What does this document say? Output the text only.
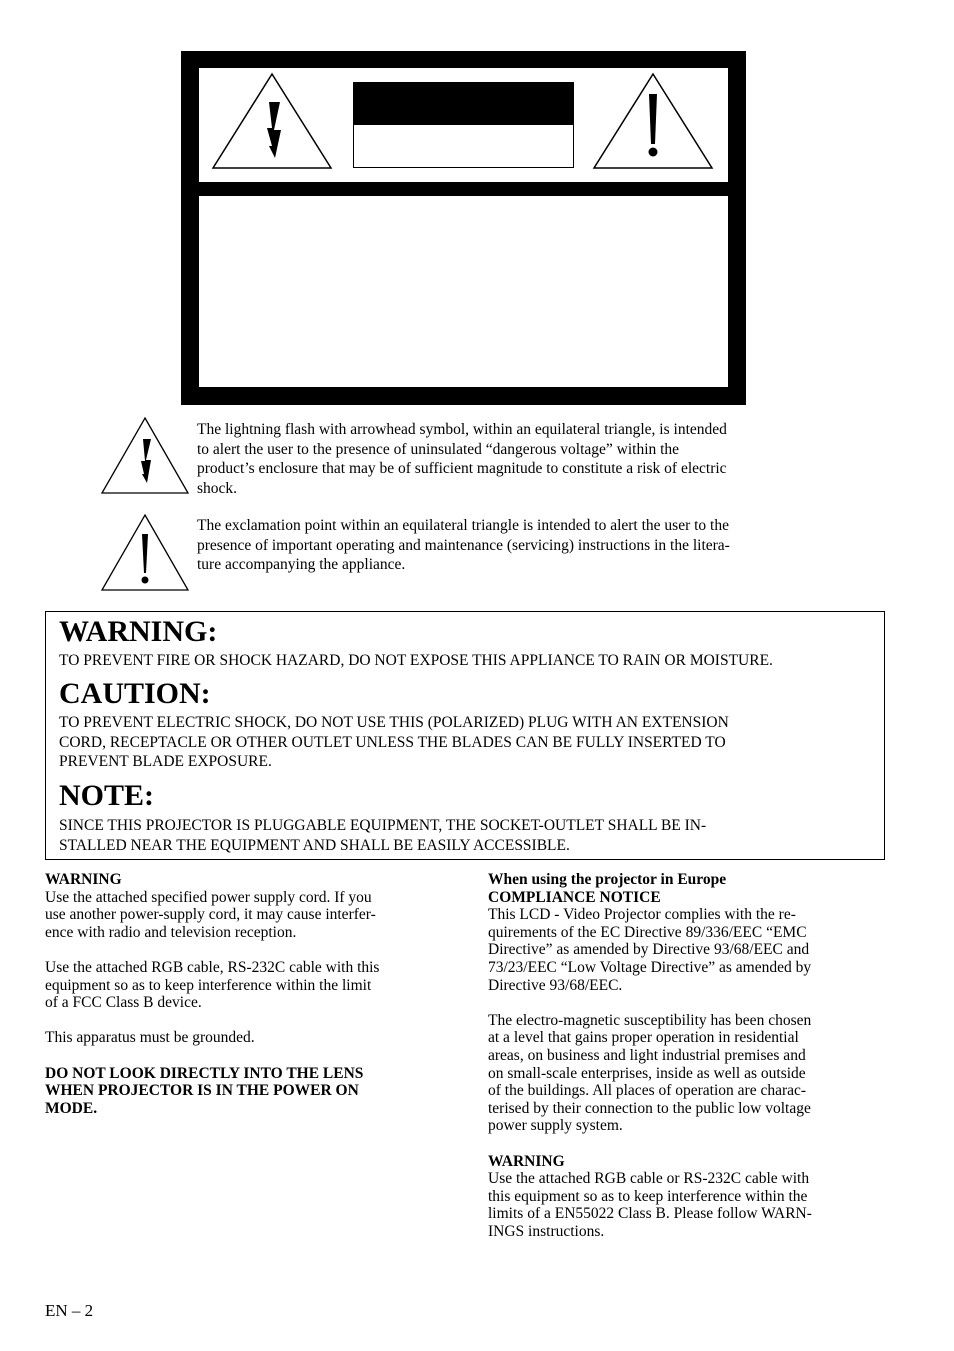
The lightning flash with arrowhead symbol, within an equilateral triangle, is intended
to alert the user to the presence of uninsulated “dangerous voltage” within the
product’s enclosure that may be of sufficient magnitude to constitute a risk of electric
shock.
The exclamation point within an equilateral triangle is intended to alert the user to the
presence of important operating and maintenance (servicing) instructions in the litera-
ture accompanying the appliance.
WARNING:
TO PREVENT FIRE OR SHOCK HAZARD, DO NOT EXPOSE THIS APPLIANCE TO RAIN OR MOISTURE.
CAUTION:
TO PREVENT ELECTRIC SHOCK, DO NOT USE THIS (POLARIZED) PLUG WITH AN EXTENSION
CORD, RECEPTACLE OR OTHER OUTLET UNLESS THE BLADES CAN BE FULLY INSERTED TO
PREVENT BLADE EXPOSURE.
NOTE:
SINCE THIS PROJECTOR IS PLUGGABLE EQUIPMENT, THE SOCKET-OUTLET SHALL BE IN-
STALLED NEAR THE EQUIPMENT AND SHALL BE EASILY ACCESSIBLE.
WARNING

Use the attached specified power supply cord. If you
use another power-supply cord, it may cause interfer-
ence with radio and television reception.

Use the attached RGB cable, RS-232C cable with this
equipment so as to keep interference within the limit
of a FCC Class B device.

This apparatus must be grounded.

DO NOT LOOK DIRECTLY INTO THE LENS
WHEN PROJECTOR IS IN THE POWER ON
MODE.

When using the projector in Europe
COMPLIANCE NOTICE

This LCD - Video Projector complies with the re-
quirements of the EC Directive 89/336/EEC “EMC
Directive” as amended by Directive 93/68/EEC and
73/23/EEC “Low Voltage Directive” as amended by
Directive 93/68/EEC.

The electro-magnetic susceptibility has been chosen
at a level that gains proper operation in residential
areas, on business and light industrial premises and
on small-scale enterprises, inside as well as outside
of the buildings. All places of operation are charac-
terised by their connection to the public low voltage
power supply system.

WARNING

Use the attached RGB cable or RS-232C cable with
this equipment so as to keep interference within the
limits of a EN55022 Class B. Please follow WARN-
INGS instructions.

EN – 2
